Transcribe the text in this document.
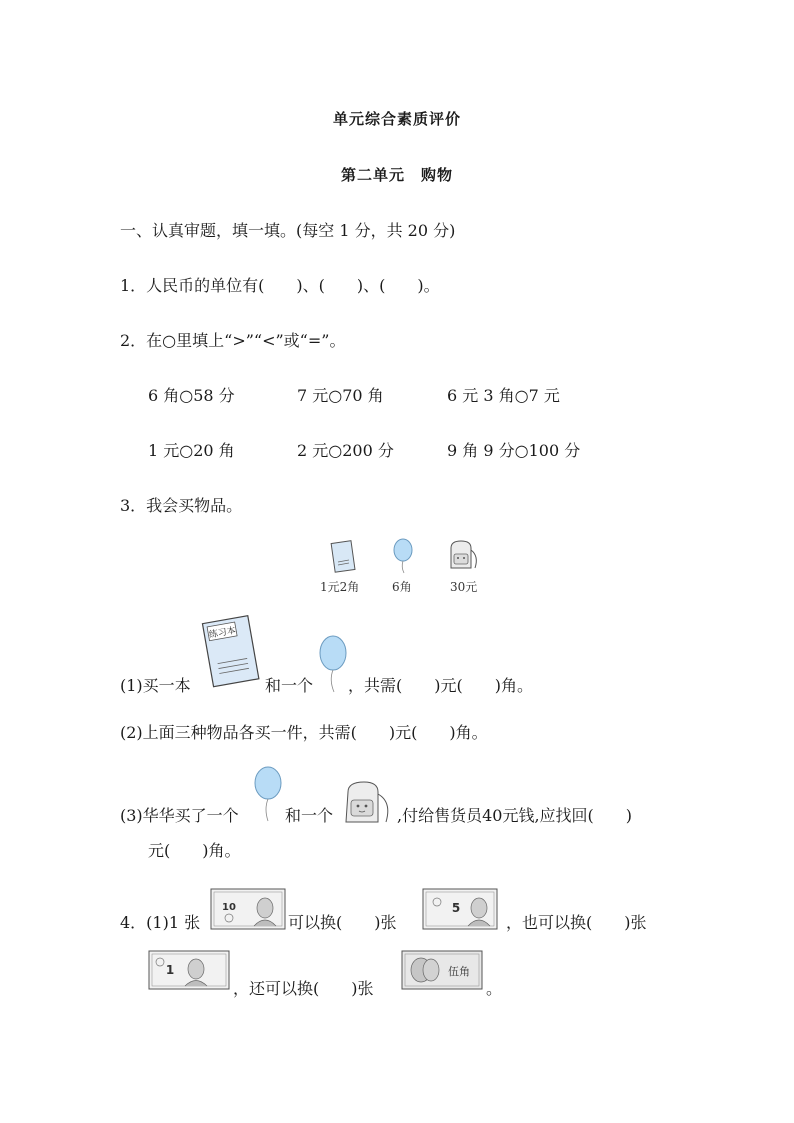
单元综合素质评价
第二单元　购物
一、认真审题，填一填。(每空 1 分，共 20 分)
1．人民币的单位有(　　)、(　　)、(　　)。
2．在○里填上“>”“<”或“=”。
6 角○58 分	7 元○70 角	6 元 3 角○7 元
1 元○20 角	2 元○200 分	9 角 9 分○100 分
3．我会买物品。
1元2角	6角	30元
(1)买一本
练习本
和一个 ，共需(　　)元(　　)角。
(2)上面三种物品各买一件，共需(　　)元(　　)角。
(3)华华买了一个	和一个	,付给售货员40元钱,应找回(　　)
元(　　)角。
4．(1)1 张
10
可以换(　　)张
5
，也可以换(　　)张
1
，还可以换(　　)张
伍角
。
